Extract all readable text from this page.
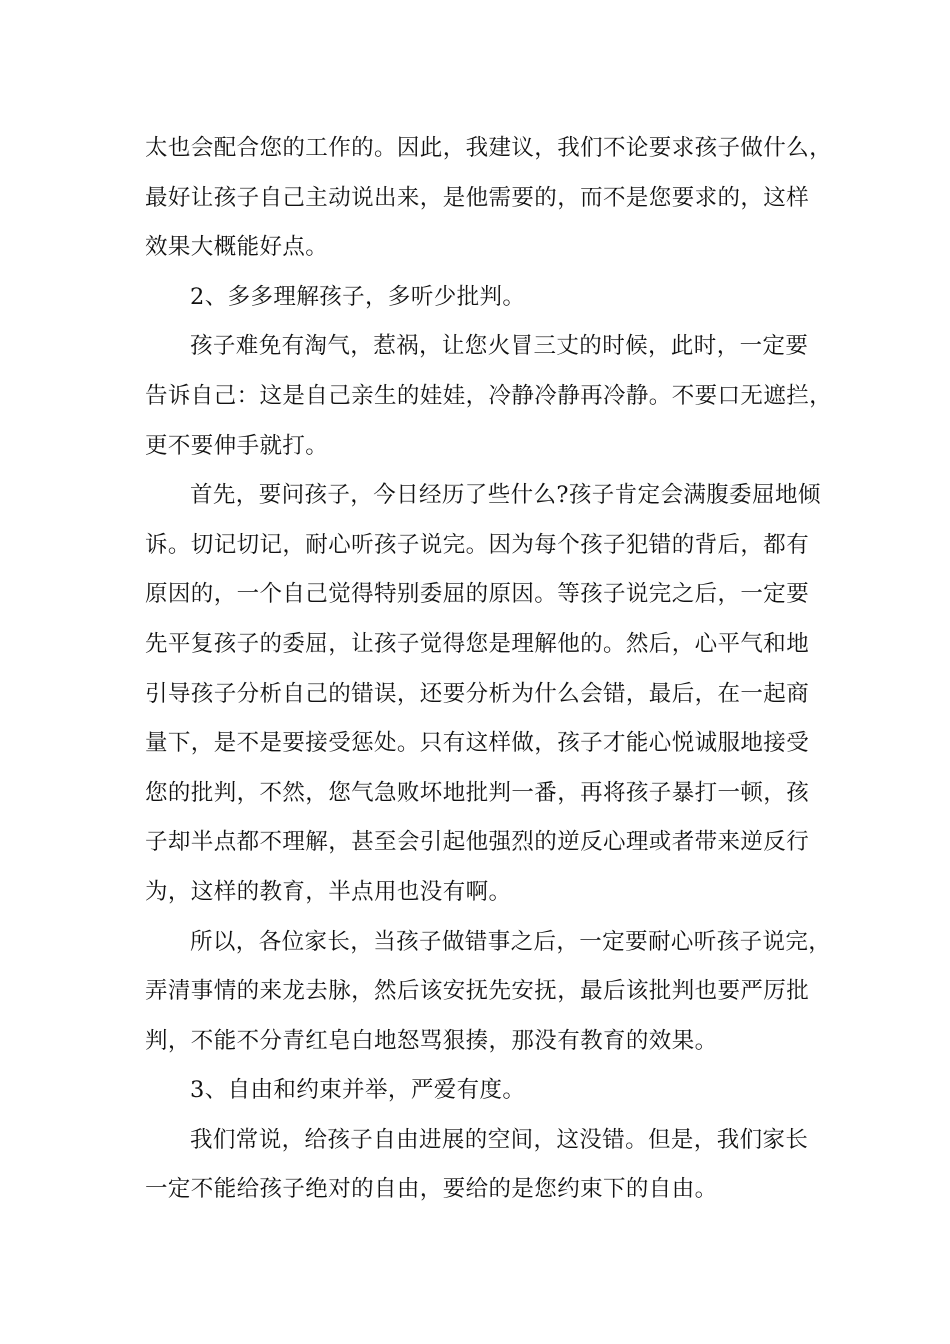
太也会配合您的工作的。因此，我建议，我们不论要求孩子做什么，
最好让孩子自己主动说出来，是他需要的，而不是您要求的，这样
效果大概能好点。

2、多多理解孩子，多听少批判。

孩子难免有淘气，惹祸，让您火冒三丈的时候，此时，一定要
告诉自己：这是自己亲生的娃娃，冷静冷静再冷静。不要口无遮拦，
更不要伸手就打。

首先，要问孩子，今日经历了些什么?孩子肯定会满腹委屈地倾
诉。切记切记，耐心听孩子说完。因为每个孩子犯错的背后，都有
原因的，一个自己觉得特别委屈的原因。等孩子说完之后，一定要
先平复孩子的委屈，让孩子觉得您是理解他的。然后，心平气和地
引导孩子分析自己的错误，还要分析为什么会错，最后，在一起商
量下，是不是要接受惩处。只有这样做，孩子才能心悦诚服地接受
您的批判，不然，您气急败坏地批判一番，再将孩子暴打一顿，孩
子却半点都不理解，甚至会引起他强烈的逆反心理或者带来逆反行
为，这样的教育，半点用也没有啊。

所以，各位家长，当孩子做错事之后，一定要耐心听孩子说完，
弄清事情的来龙去脉，然后该安抚先安抚，最后该批判也要严厉批
判，不能不分青红皂白地怒骂狠揍，那没有教育的效果。

3、自由和约束并举，严爱有度。

我们常说，给孩子自由进展的空间，这没错。但是，我们家长
一定不能给孩子绝对的自由，要给的是您约束下的自由。
